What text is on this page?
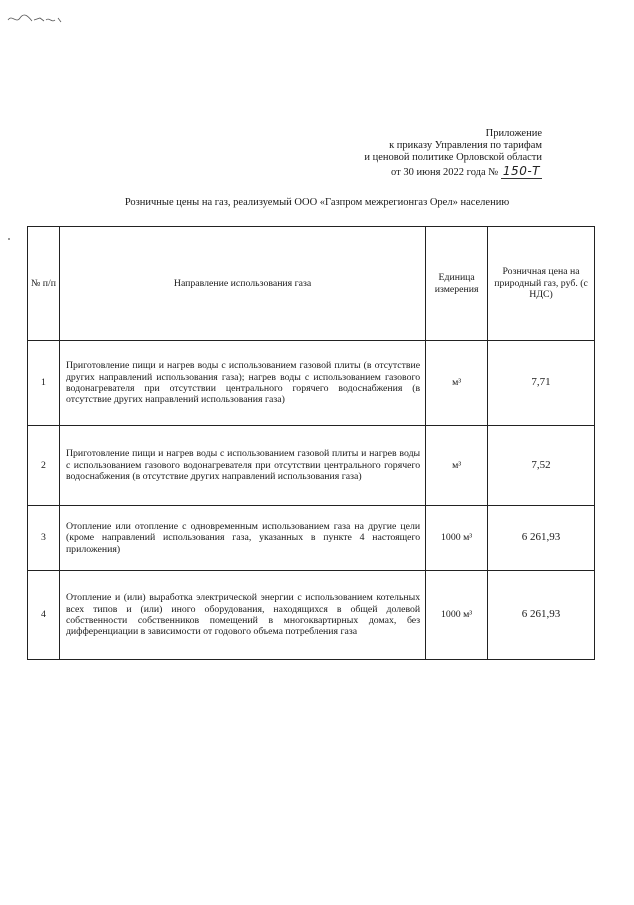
Приложение
к приказу Управления по тарифам
и ценовой политике Орловской области
от 30 июня 2022 года № 150-Т
Розничные цены на газ, реализуемый ООО «Газпром межрегионгаз Орел» населению
№ п/п	Направление использования газа	Единица измерения	Розничная цена на природный газ, руб. (с НДС)
1	Приготовление пищи и нагрев воды с использованием газовой плиты (в отсутствие других направлений использования газа); нагрев воды с использованием газового водонагревателя при отсутствии центрального горячего водоснабжения (в отсутствие других направлений использования газа)	м³	7,71
2	Приготовление пищи и нагрев воды с использованием газовой плиты и нагрев воды с использованием газового водонагревателя при отсутствии центрального горячего водоснабжения (в отсутствие других направлений использования газа)	м³	7,52
3	Отопление или отопление с одновременным использованием газа на другие цели (кроме направлений использования газа, указанных в пункте 4 настоящего приложения)	1000 м³	6 261,93
4	Отопление и (или) выработка электрической энергии с использованием котельных всех типов и (или) иного оборудования, находящихся в общей долевой собственности собственников помещений в многоквартирных домах, без дифференциации в зависимости от годового объема потребления газа	1000 м³	6 261,93
